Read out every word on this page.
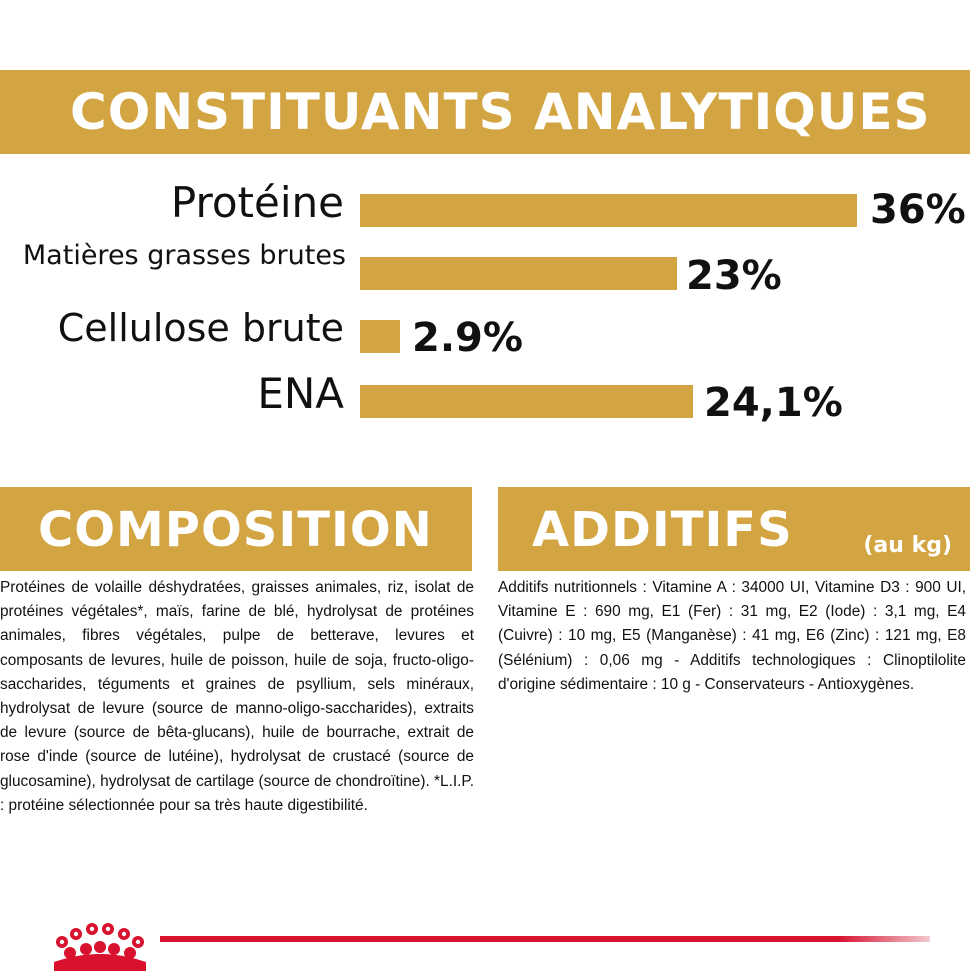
CONSTITUANTS ANALYTIQUES
Protéine	36%
Matières grasses brutes	23%
Cellulose brute 2.9%
ENA	24,1%
COMPOSITION
Protéines de volaille déshydratées, graisses animales, riz, isolat de protéines végétales*, maïs, farine de blé, hydrolysat de protéines animales, fibres végétales, pulpe de betterave, levures et composants de levures, huile de poisson, huile de soja, fructo-oligo-saccharides, téguments et graines de psyllium, sels minéraux, hydrolysat de levure (source de manno-oligo-saccharides), extraits de levure (source de bêta-glucans), huile de bourrache, extrait de rose d'inde (source de lutéine), hydrolysat de crustacé (source de glucosamine), hydrolysat de cartilage (source de chondroïtine). *L.I.P. : protéine sélectionnée pour sa très haute digestibilité.
ADDITIFS	(au kg)
Additifs nutritionnels : Vitamine A : 34000 UI, Vitamine D3 : 900 UI, Vitamine E : 690 mg, E1 (Fer) : 31 mg, E2 (Iode) : 3,1 mg, E4 (Cuivre) : 10 mg, E5 (Manganèse) : 41 mg, E6 (Zinc) : 121 mg, E8 (Sélénium) : 0,06 mg - Additifs technologiques : Clinoptilolite d'origine sédimentaire : 10 g - Conservateurs - Antioxygènes.
